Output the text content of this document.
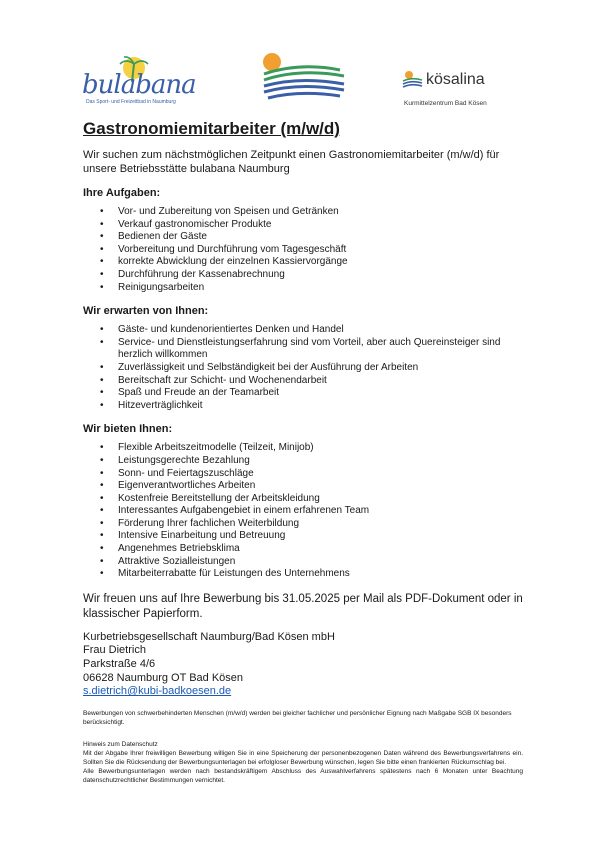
bulabana
Das Sport- und Freizeitbad in Naumburg
kösalina
Kurmittelzentrum Bad Kösen
Gastronomiemitarbeiter (m/w/d)
Wir suchen zum nächstmöglichen Zeitpunkt einen Gastronomiemitarbeiter (m/w/d) für unsere Betriebsstätte bulabana Naumburg
Ihre Aufgaben:
• Vor- und Zubereitung von Speisen und Getränken
• Verkauf gastronomischer Produkte
• Bedienen der Gäste
• Vorbereitung und Durchführung vom Tagesgeschäft
• korrekte Abwicklung der einzelnen Kassiervorgänge
• Durchführung der Kassenabrechnung
• Reinigungsarbeiten
Wir erwarten von Ihnen:
• Gäste- und kundenorientiertes Denken und Handel
• Service- und Dienstleistungserfahrung sind vom Vorteil, aber auch Quereinsteiger sind herzlich willkommen
• Zuverlässigkeit und Selbständigkeit bei der Ausführung der Arbeiten
• Bereitschaft zur Schicht- und Wochenendarbeit
• Spaß und Freude an der Teamarbeit
• Hitzeverträglichkeit
Wir bieten Ihnen:
• Flexible Arbeitszeitmodelle (Teilzeit, Minijob)
• Leistungsgerechte Bezahlung
• Sonn- und Feiertagszuschläge
• Eigenverantwortliches Arbeiten
• Kostenfreie Bereitstellung der Arbeitskleidung
• Interessantes Aufgabengebiet in einem erfahrenen Team
• Förderung Ihrer fachlichen Weiterbildung
• Intensive Einarbeitung und Betreuung
• Angenehmes Betriebsklima
• Attraktive Sozialleistungen
• Mitarbeiterrabatte für Leistungen des Unternehmens
Wir freuen uns auf Ihre Bewerbung bis 31.05.2025 per Mail als PDF-Dokument oder in klassischer Papierform.
Kurbetriebsgesellschaft Naumburg/Bad Kösen mbH
Frau Dietrich
Parkstraße 4/6
06628 Naumburg OT Bad Kösen
s.dietrich@kubi-badkoesen.de
Bewerbungen von schwerbehinderten Menschen (m/w/d) werden bei gleicher fachlicher und persönlicher Eignung nach Maßgabe SGB IX besonders berücksichtigt.
Hinweis zum Datenschutz
Mit der Abgabe Ihrer freiwilligen Bewerbung willigen Sie in eine Speicherung der personenbezogenen Daten während des Bewerbungsverfahrens ein. Sollten Sie die Rücksendung der Bewerbungsunterlagen bei erfolgloser Bewerbung wünschen, legen Sie bitte einen frankierten Rückumschlag bei.
Alle Bewerbungsunterlagen werden nach bestandskräftigem Abschluss des Auswahlverfahrens spätestens nach 6 Monaten unter Beachtung datenschutzrechtlicher Bestimmungen vernichtet.
